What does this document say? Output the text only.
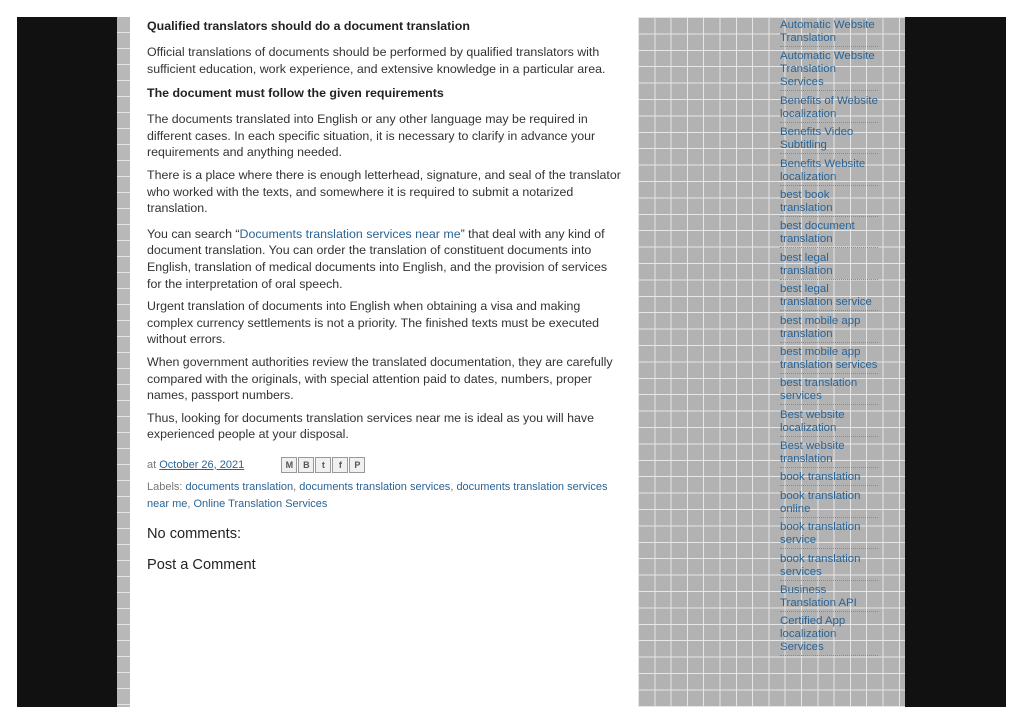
Qualified translators should do a document translation

Official translations of documents should be performed by qualified translators with sufficient education, work experience, and extensive knowledge in a particular area.

The document must follow the given requirements

The documents translated into English or any other language may be required in different cases. In each specific situation, it is necessary to clarify in advance your requirements and anything needed.

There is a place where there is enough letterhead, signature, and seal of the translator who worked with the texts, and somewhere it is required to submit a notarized translation.

You can search “Documents translation services near me” that deal with any kind of document translation. You can order the translation of constituent documents into English, translation of medical documents into English, and the provision of services for the interpretation of oral speech.

Urgent translation of documents into English when obtaining a visa and making complex currency settlements is not a priority. The finished texts must be executed without errors.

When government authorities review the translated documentation, they are carefully compared with the originals, with special attention paid to dates, numbers, proper names, passport numbers.

Thus, looking for documents translation services near me is ideal as you will have experienced people at your disposal.

at October 26, 2021	M	B	t	f	P
Labels: documents translation, documents translation services, documents translation services near me, Online Translation Services
No comments:
Post a Comment
Automatic Website Translation
Automatic Website Translation Services
Benefits of Website localization
Benefits Video Subtitling
Benefits Website localization
best book translation
best document translation
best legal translation
best legal translation service
best mobile app translation
best mobile app translation services
best translation services
Best website localization
Best website translation
book translation
book translation online
book translation service
book translation services
Business Translation API
Certified App localization Services
